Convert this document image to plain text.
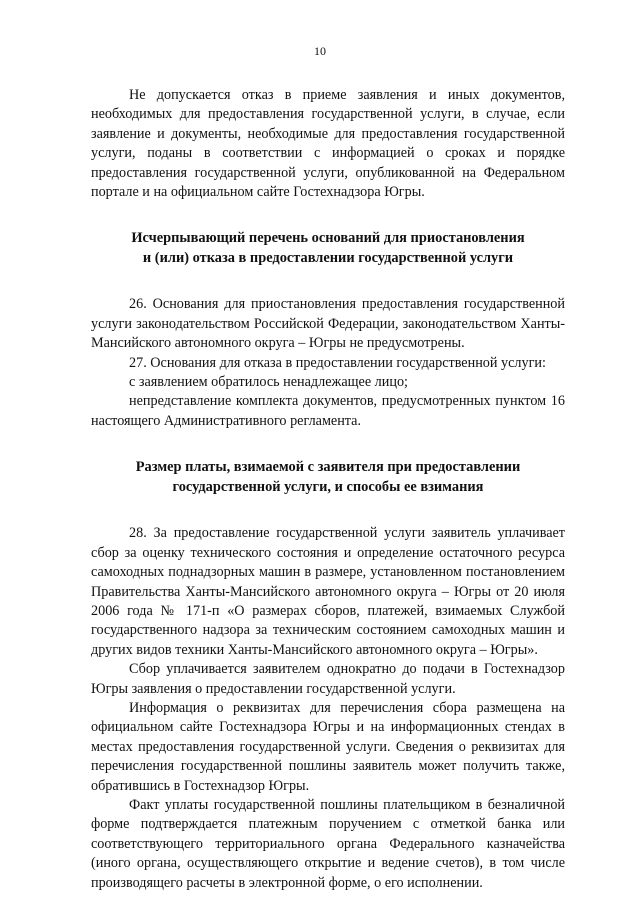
10

Не допускается отказ в приеме заявления и иных документов, необходимых для предоставления государственной услуги, в случае, если заявление и документы, необходимые для предоставления государственной услуги, поданы в соответствии с информацией о сроках и порядке предоставления государственной услуги, опубликованной на Федеральном портале и на официальном сайте Гостехнадзора Югры.

Исчерпывающий перечень оснований для приостановления
и (или) отказа в предоставлении государственной услуги

26. Основания для приостановления предоставления государственной услуги законодательством Российской Федерации, законодательством Ханты-Мансийского автономного округа – Югры не предусмотрены.

27. Основания для отказа в предоставлении государственной услуги:

с заявлением обратилось ненадлежащее лицо;

непредставление комплекта документов, предусмотренных пунктом 16 настоящего Административного регламента.

Размер платы, взимаемой с заявителя при предоставлении
государственной услуги, и способы ее взимания

28. За предоставление государственной услуги заявитель уплачивает сбор за оценку технического состояния и определение остаточного ресурса самоходных поднадзорных машин в размере, установленном постановлением Правительства Ханты-Мансийского автономного округа – Югры от 20 июля 2006 года № 171-п «О размерах сборов, платежей, взимаемых Службой государственного надзора за техническим состоянием самоходных машин и других видов техники Ханты-Мансийского автономного округа – Югры».

Сбор уплачивается заявителем однократно до подачи в Гостехнадзор Югры заявления о предоставлении государственной услуги.

Информация о реквизитах для перечисления сбора размещена на официальном сайте Гостехнадзора Югры и на информационных стендах в местах предоставления государственной услуги. Сведения о реквизитах для перечисления государственной пошлины заявитель может получить также, обратившись в Гостехнадзор Югры.

Факт уплаты государственной пошлины плательщиком в безналичной форме подтверждается платежным поручением с отметкой банка или соответствующего территориального органа Федерального казначейства (иного органа, осуществляющего открытие и ведение счетов), в том числе производящего расчеты в электронной форме, о его исполнении.
